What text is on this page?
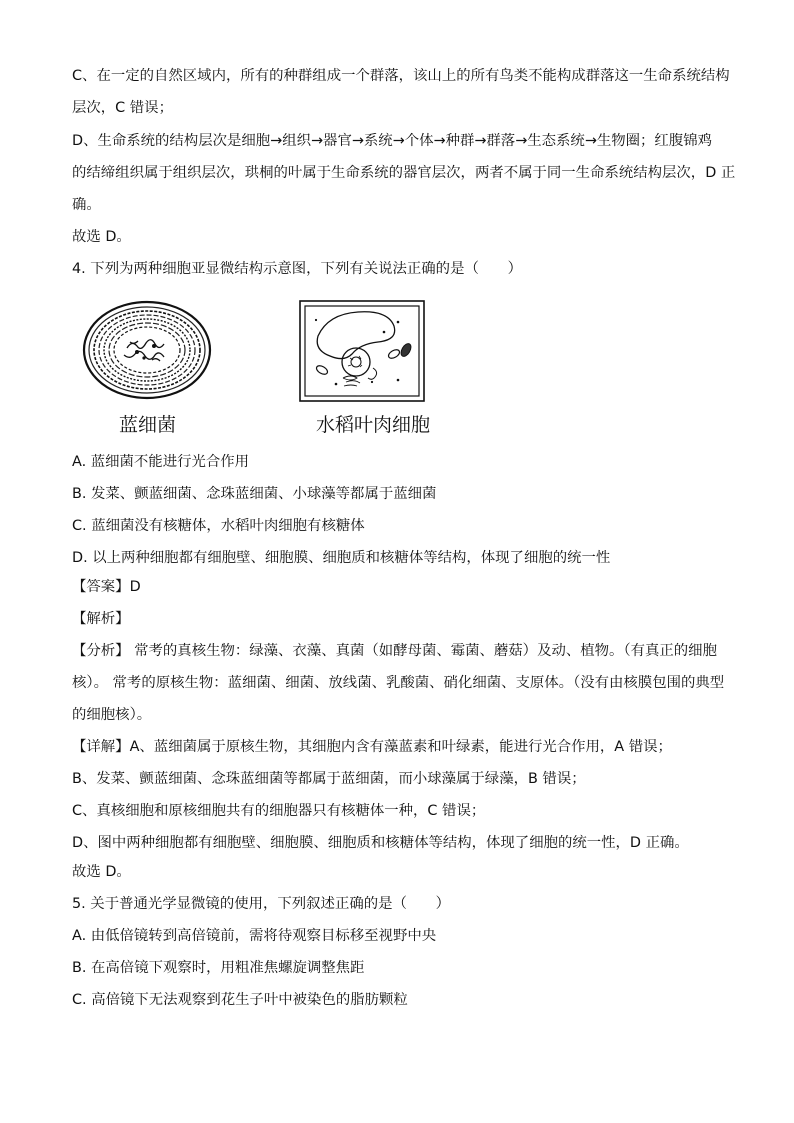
C、在一定的自然区域内，所有的种群组成一个群落，该山上的所有鸟类不能构成群落这一生命系统结构
层次，C 错误；
D、生命系统的结构层次是细胞→组织→器官→系统→个体→种群→群落→生态系统→生物圈；红腹锦鸡
的结缔组织属于组织层次，珙桐的叶属于生命系统的器官层次，两者不属于同一生命系统结构层次，D 正
确。
故选 D。
4. 下列为两种细胞亚显微结构示意图，下列有关说法正确的是（　　）
蓝细菌	水稻叶肉细胞
A. 蓝细菌不能进行光合作用
B. 发菜、颤蓝细菌、念珠蓝细菌、小球藻等都属于蓝细菌
C. 蓝细菌没有核糖体，水稻叶肉细胞有核糖体
D. 以上两种细胞都有细胞壁、细胞膜、细胞质和核糖体等结构，体现了细胞的统一性
【答案】D
【解析】
【分析】 常考的真核生物：绿藻、衣藻、真菌（如酵母菌、霉菌、蘑菇）及动、植物。（有真正的细胞
核）。 常考的原核生物：蓝细菌、细菌、放线菌、乳酸菌、硝化细菌、支原体。（没有由核膜包围的典型
的细胞核）。
【详解】A、蓝细菌属于原核生物，其细胞内含有藻蓝素和叶绿素，能进行光合作用，A 错误；
B、发菜、颤蓝细菌、念珠蓝细菌等都属于蓝细菌，而小球藻属于绿藻，B 错误；
C、真核细胞和原核细胞共有的细胞器只有核糖体一种，C 错误；
D、图中两种细胞都有细胞壁、细胞膜、细胞质和核糖体等结构，体现了细胞的统一性，D 正确。
故选 D。
5. 关于普通光学显微镜的使用，下列叙述正确的是（　　）
A. 由低倍镜转到高倍镜前，需将待观察目标移至视野中央
B. 在高倍镜下观察时，用粗准焦螺旋调整焦距
C. 高倍镜下无法观察到花生子叶中被染色的脂肪颗粒
